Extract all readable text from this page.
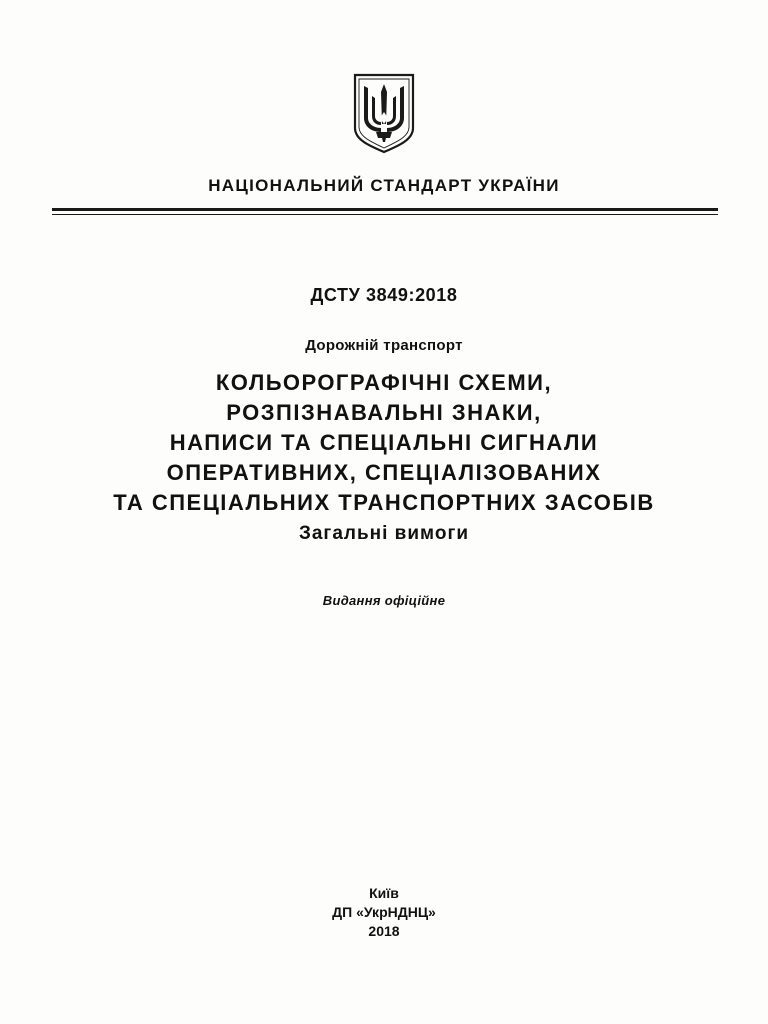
НАЦІОНАЛЬНИЙ СТАНДАРТ УКРАЇНИ
ДСТУ 3849:2018
Дорожній транспорт
КОЛЬОРОГРАФІЧНІ СХЕМИ,
РОЗПІЗНАВАЛЬНІ ЗНАКИ,
НАПИСИ ТА СПЕЦІАЛЬНІ СИГНАЛИ
ОПЕРАТИВНИХ, СПЕЦІАЛІЗОВАНИХ
ТА СПЕЦІАЛЬНИХ ТРАНСПОРТНИХ ЗАСОБІВ
Загальні вимоги
Видання офіційне
Київ
ДП «УкрНДНЦ»
2018
